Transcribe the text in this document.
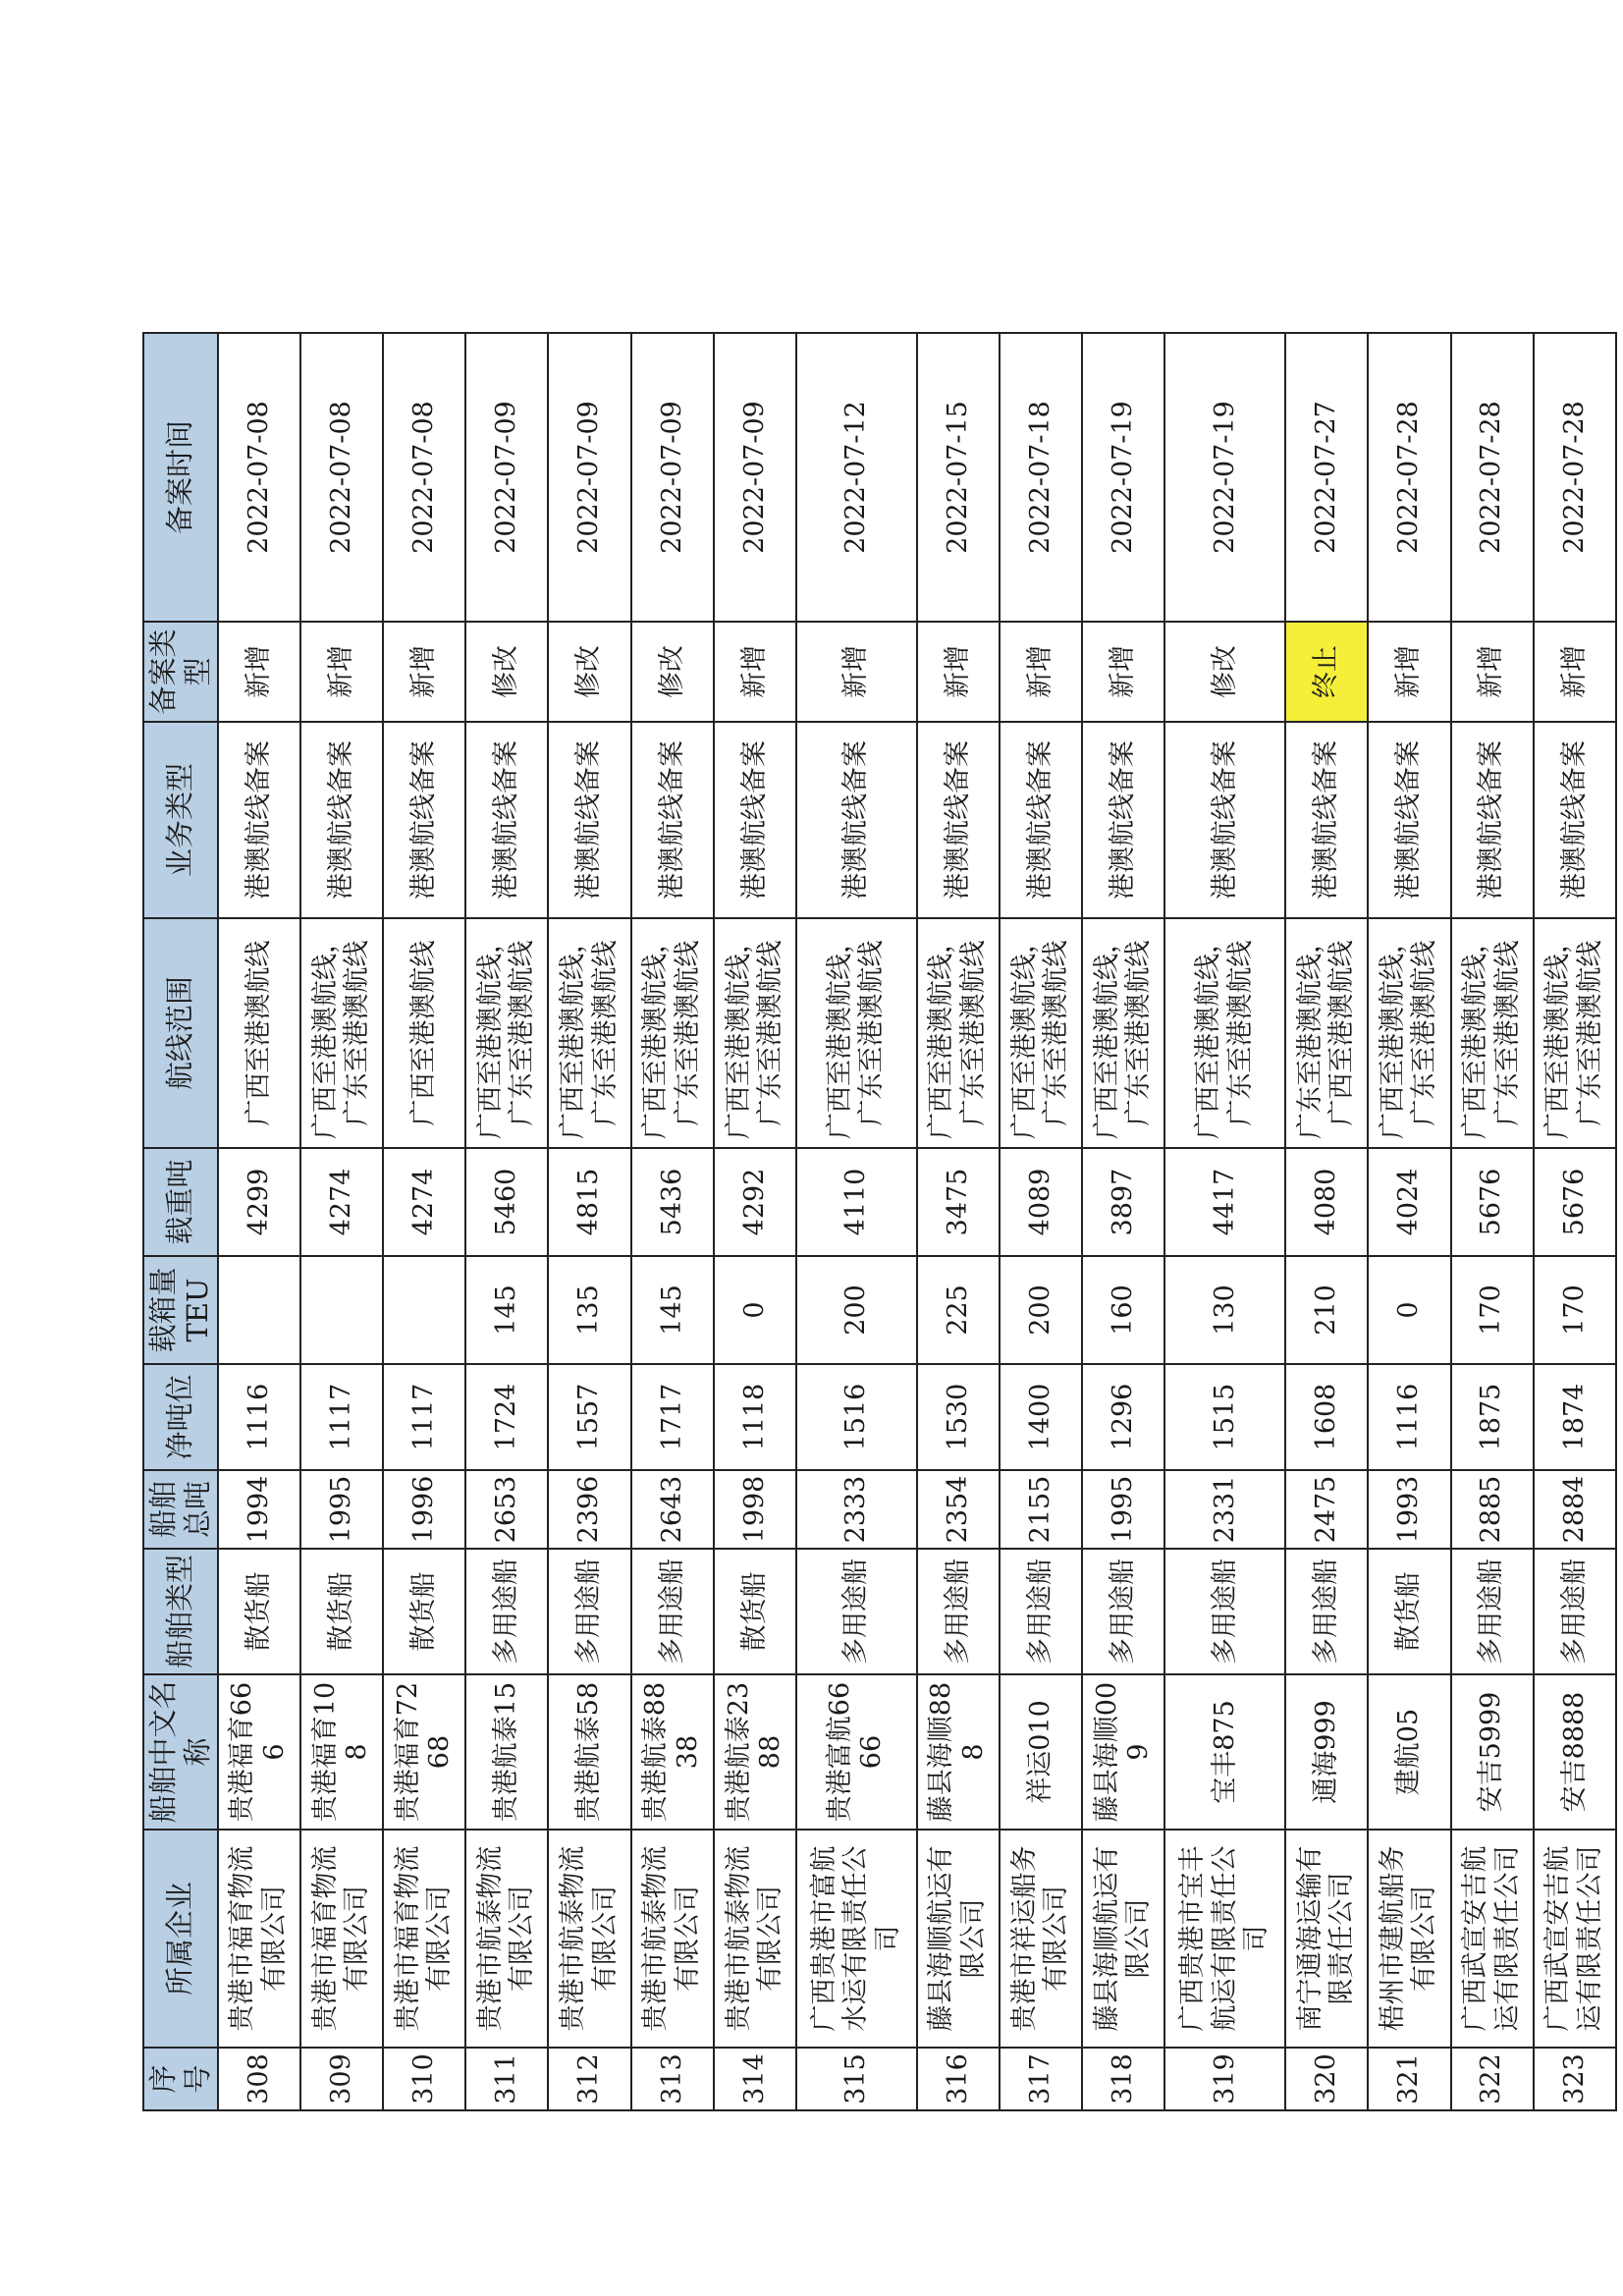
序号	所属企业	船舶中文名称	船舶类型	船舶总吨	净吨位	载箱量TEU	载重吨	航线范围	业务类型	备案类型	备案时间
308	贵港市福育物流有限公司	贵港福育666	散货船	1994	1116		4299	广西至港澳航线	港澳航线备案	新增	2022-07-08
309	贵港市福育物流有限公司	贵港福育108	散货船	1995	1117		4274	广西至港澳航线，广东至港澳航线	港澳航线备案	新增	2022-07-08
310	贵港市福育物流有限公司	贵港福育7268	散货船	1996	1117		4274	广西至港澳航线	港澳航线备案	新增	2022-07-08
311	贵港市航泰物流有限公司	贵港航泰15	多用途船	2653	1724	145	5460	广西至港澳航线，广东至港澳航线	港澳航线备案	修改	2022-07-09
312	贵港市航泰物流有限公司	贵港航泰58	多用途船	2396	1557	135	4815	广西至港澳航线，广东至港澳航线	港澳航线备案	修改	2022-07-09
313	贵港市航泰物流有限公司	贵港航泰8838	多用途船	2643	1717	145	5436	广西至港澳航线，广东至港澳航线	港澳航线备案	修改	2022-07-09
314	贵港市航泰物流有限公司	贵港航泰2388	散货船	1998	1118	0	4292	广西至港澳航线，广东至港澳航线	港澳航线备案	新增	2022-07-09
315	广西贵港市富航水运有限责任公司	贵港富航6666	多用途船	2333	1516	200	4110	广西至港澳航线，广东至港澳航线	港澳航线备案	新增	2022-07-12
316	藤县海顺航运有限公司	藤县海顺888	多用途船	2354	1530	225	3475	广西至港澳航线，广东至港澳航线	港澳航线备案	新增	2022-07-15
317	贵港市祥运船务有限公司	祥运010	多用途船	2155	1400	200	4089	广西至港澳航线，广东至港澳航线	港澳航线备案	新增	2022-07-18
318	藤县海顺航运有限公司	藤县海顺009	多用途船	1995	1296	160	3897	广西至港澳航线，广东至港澳航线	港澳航线备案	新增	2022-07-19
319	广西贵港市宝丰航运有限责任公司	宝丰875	多用途船	2331	1515	130	4417	广西至港澳航线，广东至港澳航线	港澳航线备案	修改	2022-07-19
320	南宁通海运输有限责任公司	通海999	多用途船	2475	1608	210	4080	广东至港澳航线，广西至港澳航线	港澳航线备案	终止	2022-07-27
321	梧州市建航船务有限公司	建航05	散货船	1993	1116	0	4024	广西至港澳航线，广东至港澳航线	港澳航线备案	新增	2022-07-28
322	广西武宣安吉航运有限责任公司	安吉5999	多用途船	2885	1875	170	5676	广西至港澳航线，广东至港澳航线	港澳航线备案	新增	2022-07-28
323	广西武宣安吉航运有限责任公司	安吉8888	多用途船	2884	1874	170	5676	广西至港澳航线，广东至港澳航线	港澳航线备案	新增	2022-07-28
